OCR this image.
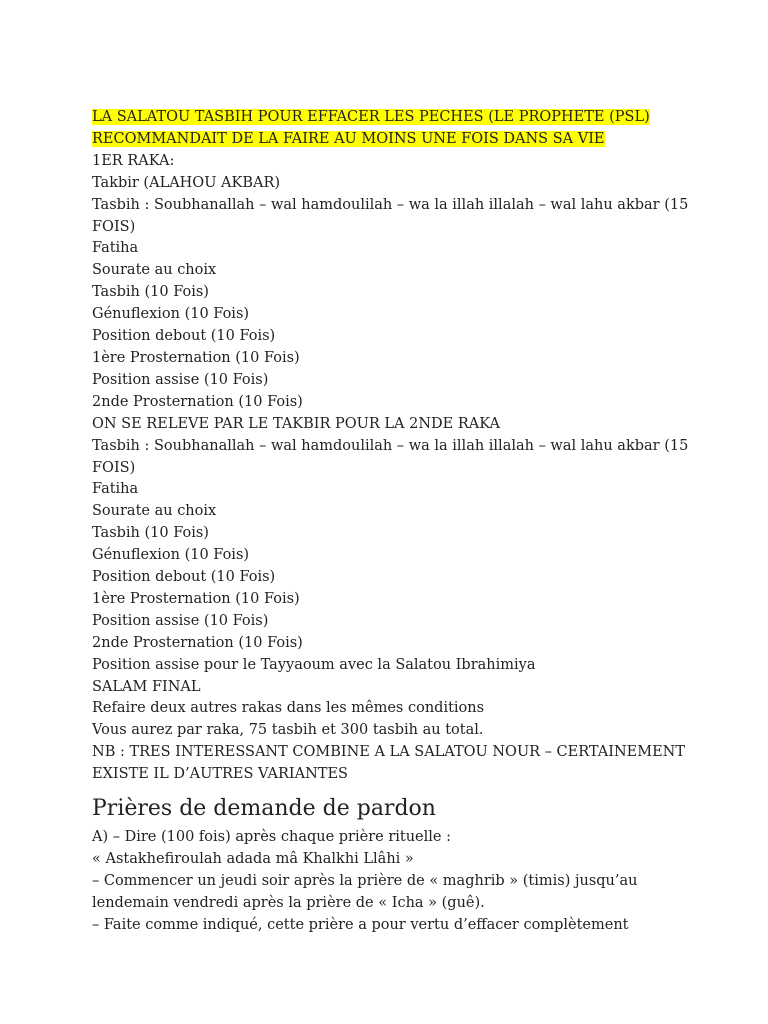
LA SALATOU TASBIH POUR EFFACER LES PECHES (LE PROPHETE (PSL)
RECOMMANDAIT DE LA FAIRE AU MOINS UNE FOIS DANS SA VIE
1ER RAKA:
Takbir (ALAHOU AKBAR)
Tasbih : Soubhanallah – wal hamdoulilah – wa la illah illalah – wal lahu akbar (15
FOIS)
Fatiha
Sourate au choix
Tasbih (10 Fois)
Génuflexion (10 Fois)
Position debout (10 Fois)
1ère Prosternation (10 Fois)
Position assise (10 Fois)
2nde Prosternation (10 Fois)
ON SE RELEVE PAR LE TAKBIR POUR LA 2NDE RAKA
Tasbih : Soubhanallah – wal hamdoulilah – wa la illah illalah – wal lahu akbar (15
FOIS)
Fatiha
Sourate au choix
Tasbih (10 Fois)
Génuflexion (10 Fois)
Position debout (10 Fois)
1ère Prosternation (10 Fois)
Position assise (10 Fois)
2nde Prosternation (10 Fois)
Position assise pour le Tayyaoum avec la Salatou Ibrahimiya
SALAM FINAL
Refaire deux autres rakas dans les mêmes conditions
Vous aurez par raka, 75 tasbih et 300 tasbih au total.
NB : TRES INTERESSANT COMBINE A LA SALATOU NOUR – CERTAINEMENT
EXISTE IL D’AUTRES VARIANTES
Prières de demande de pardon
A) – Dire (100 fois) après chaque prière rituelle :
« Astakhefiroulah adada mâ Khalkhi Llâhi »
– Commencer un jeudi soir après la prière de « maghrib » (timis) jusqu’au
lendemain vendredi après la prière de « Icha » (guê).
– Faite comme indiqué, cette prière a pour vertu d’effacer complètement
